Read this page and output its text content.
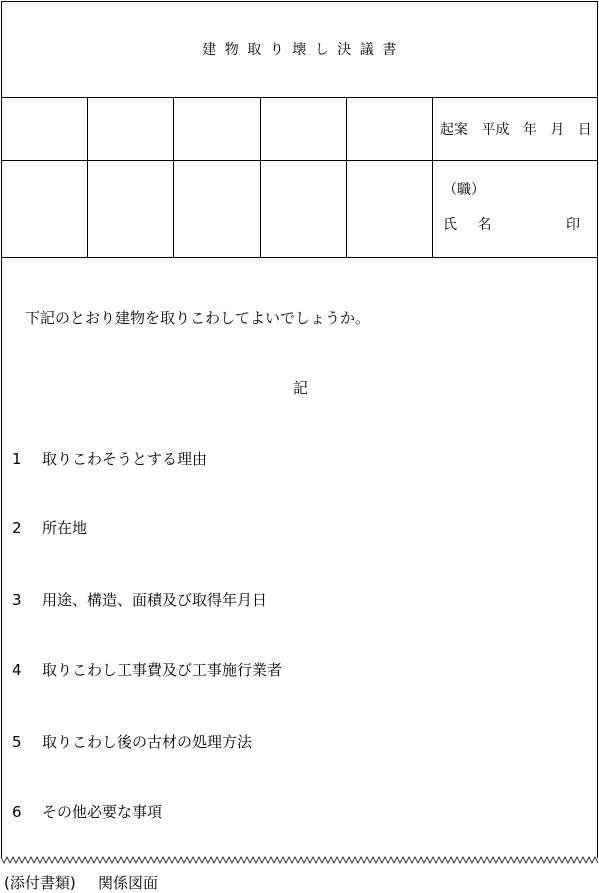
建物取り壊し決議書
起案 平成 年 月 日
（職）
氏 名	印
下記のとおり建物を取りこわしてよいでしょうか。
記
1 取りこわそうとする理由
2 所在地
3 用途、構造、面積及び取得年月日
4 取りこわし工事費及び工事施行業者
5 取りこわし後の古材の処理方法
6 その他必要な事項
(添付書類) 関係図面
